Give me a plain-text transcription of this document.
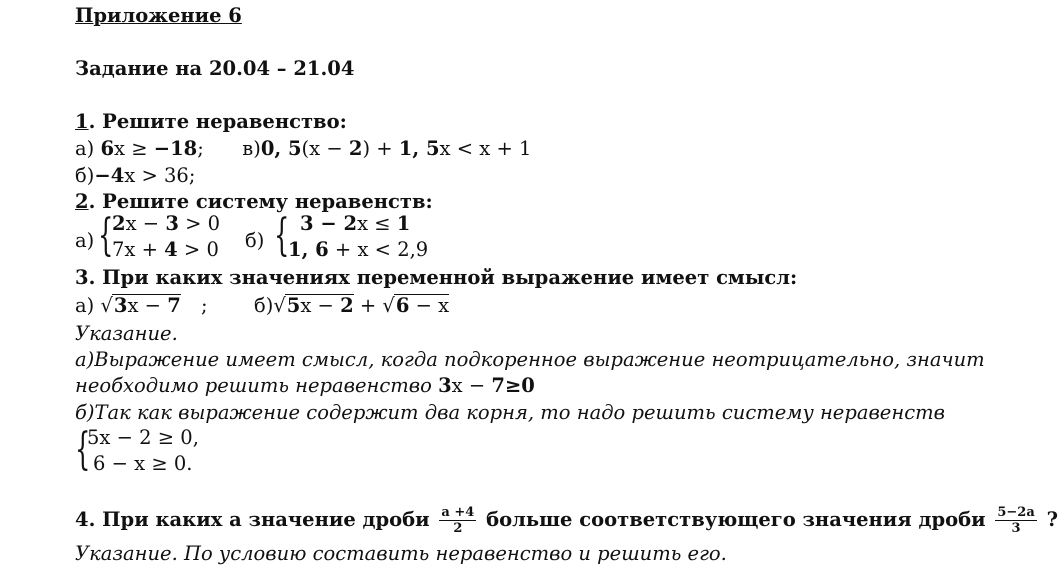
Приложение 6
Задание на 20.04 – 21.04
1. Решите неравенство:
а) 6x ≥ −18; в)0, 5(x − 2) + 1, 5x < x + 1
б)−4x > 36;
2. Решите систему неравенств:
а) {
2x − 3 > 0
7x + 4 > 0 б) { 3 − 2x ≤ 1
1, 6 + x < 2,9
3. При каких значениях переменной выражение имеет смысл:
а) √3x − 7 ; б)√5x − 2 + √6 − x
Указание.
а)Выражение имеет смысл, когда подкоренное выражение неотрицательно, значит
необходимо решить неравенство 3x − 7≥0
б)Так как выражение содержит два корня, то надо решить систему неравенств
{
5x − 2 ≥ 0,
6 − x ≥ 0.
4. При каких a значение дроби $\frac{a +4}{2}$ больше соответствующего значения дроби $\frac{5-2a}{3}$ ?
Указание. По условию составить неравенство и решить его.
